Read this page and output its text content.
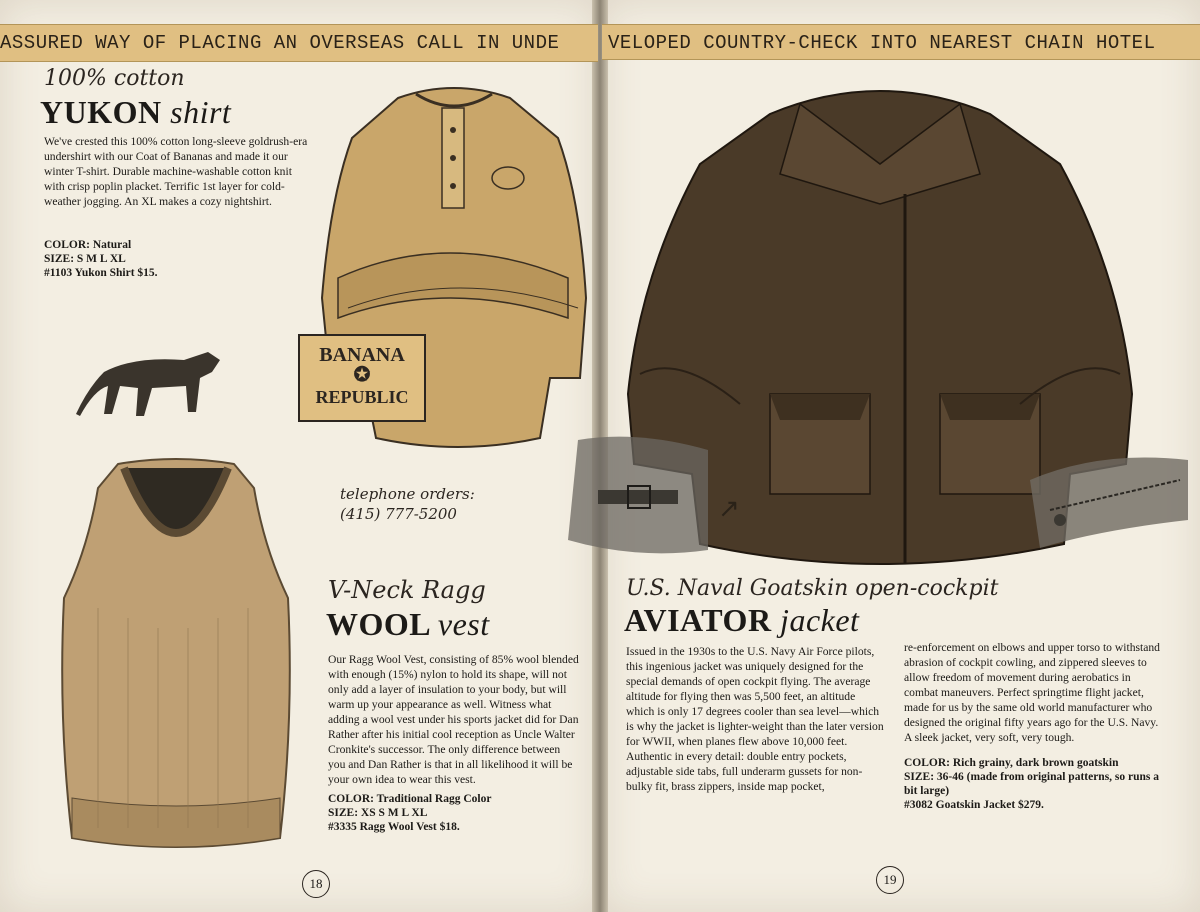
ASSURED WAY OF PLACING AN OVERSEAS CALL IN UNDE	VELOPED COUNTRY-CHECK INTO NEAREST CHAIN HOTEL
100% cotton
YUKON shirt
We've crested this 100% cotton long-sleeve goldrush-era undershirt with our Coat of Bananas and made it our winter T-shirt. Durable machine-washable cotton knit with crisp poplin placket. Terrific 1st layer for cold-weather jogging. An XL makes a cozy nightshirt.
COLOR: Natural
SIZE: S M L XL
#1103 Yukon Shirt $15.
BANANA
✪
REPUBLIC
telephone orders:
(415) 777-5200
V-Neck Ragg
WOOL vest
Our Ragg Wool Vest, consisting of 85% wool blended with enough (15%) nylon to hold its shape, will not only add a layer of insulation to your body, but will warm up your appearance as well. Witness what adding a wool vest under his sports jacket did for Dan Rather after his initial cool reception as Uncle Walter Cronkite's successor. The only difference between you and Dan Rather is that in all likelihood it will be your own idea to wear this vest.
COLOR: Traditional Ragg Color
SIZE: XS S M L XL
#3335 Ragg Wool Vest $18.
18
↗
U.S. Naval Goatskin open-cockpit
AVIATOR jacket
Issued in the 1930s to the U.S. Navy Air Force pilots, this ingenious jacket was uniquely designed for the special demands of open cockpit flying. The average altitude for flying then was 5,500 feet, an altitude which is only 17 degrees cooler than sea level—which is why the jacket is lighter-weight than the later version for WWII, when planes flew above 10,000 feet. Authentic in every detail: double entry pockets, adjustable side tabs, full underarm gussets for non-bulky fit, brass zippers, inside map pocket,
re-enforcement on elbows and upper torso to withstand abrasion of cockpit cowling, and zippered sleeves to allow freedom of movement during aerobatics in combat maneuvers. Perfect springtime flight jacket, made for us by the same old world manufacturer who designed the original fifty years ago for the U.S. Navy. A sleek jacket, very soft, very tough.
COLOR: Rich grainy, dark brown goatskin
SIZE: 36-46 (made from original patterns, so runs a bit large)
#3082 Goatskin Jacket $279.
19
